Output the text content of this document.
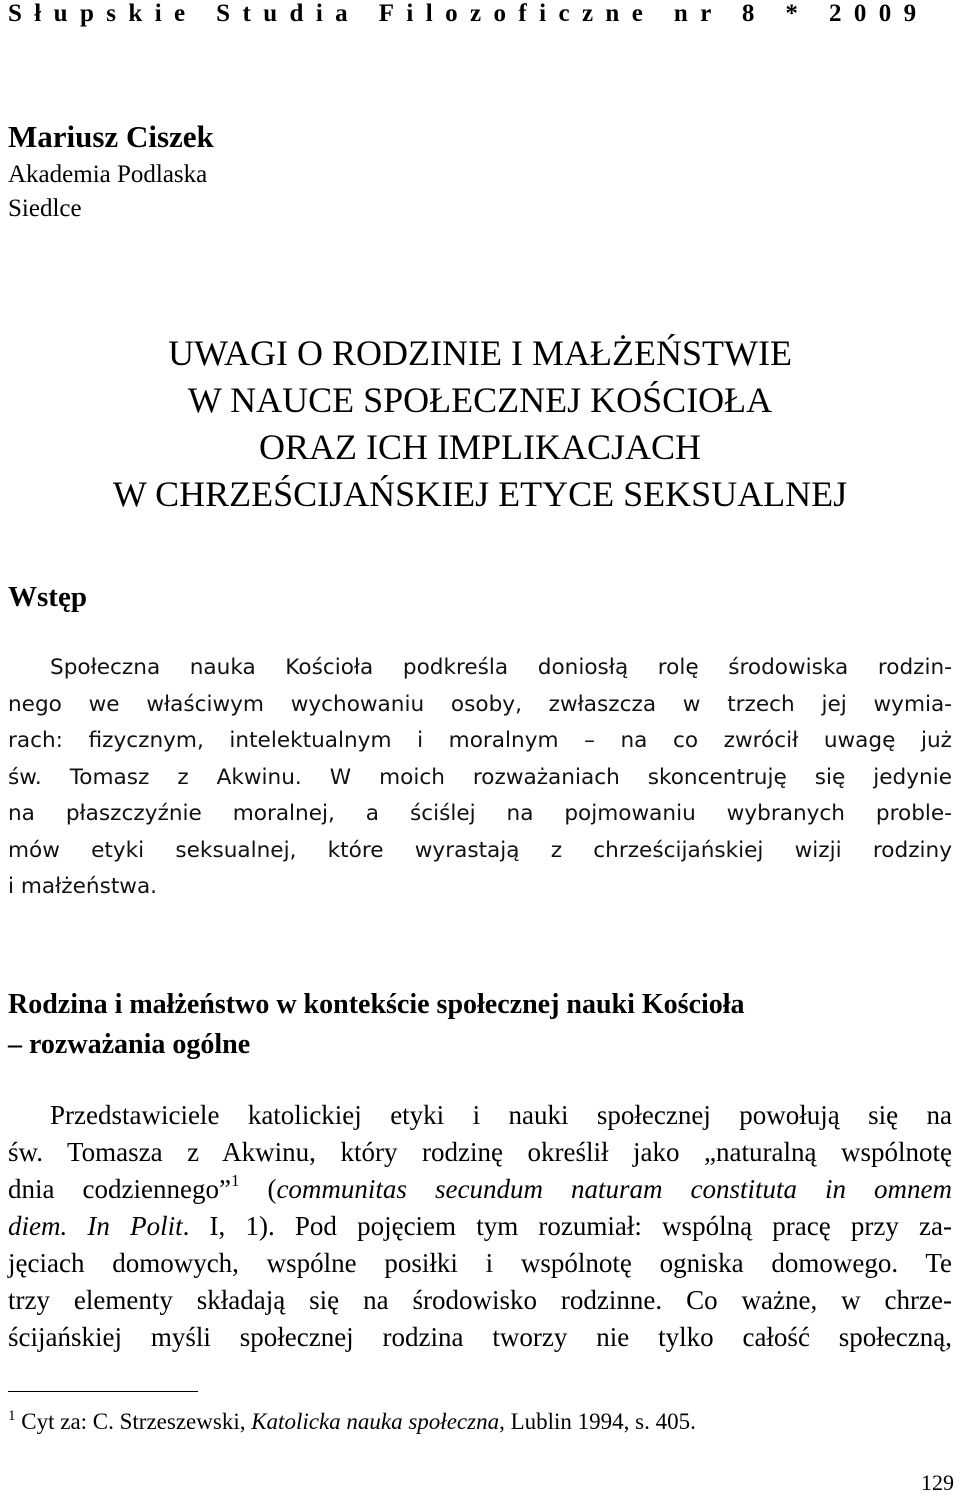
Słupskie Studia Filozoficzne nr 8 * 2009
Mariusz Ciszek
Akademia Podlaska
Siedlce
UWAGI O RODZINIE I MAŁŻEŃSTWIE
W NAUCE SPOŁECZNEJ KOŚCIOŁA
ORAZ ICH IMPLIKACJACH
W CHRZEŚCIJAŃSKIEJ ETYCE SEKSUALNEJ
Wstęp
Społeczna nauka Kościoła podkreśla doniosłą rolę środowiska rodzin-
nego we właściwym wychowaniu osoby, zwłaszcza w trzech jej wymia-
rach: fizycznym, intelektualnym i moralnym – na co zwrócił uwagę już
św. Tomasz z Akwinu. W moich rozważaniach skoncentruję się jedynie
na płaszczyźnie moralnej, a ściślej na pojmowaniu wybranych proble-
mów etyki seksualnej, które wyrastają z chrześcijańskiej wizji rodziny
i małżeństwa.
Rodzina i małżeństwo w kontekście społecznej nauki Kościoła
– rozważania ogólne
Przedstawiciele katolickiej etyki i nauki społecznej powołują się na
św. Tomasza z Akwinu, który rodzinę określił jako „naturalną wspólnotę
dnia codziennego”$^1$ (communitas secundum naturam constituta in omnem
diem. In Polit. I, 1). Pod pojęciem tym rozumiał: wspólną pracę przy za-
jęciach domowych, wspólne posiłki i wspólnotę ogniska domowego. Te
trzy elementy składają się na środowisko rodzinne. Co ważne, w chrze-
ścijańskiej myśli społecznej rodzina tworzy nie tylko całość społeczną,
$^1$ Cyt za: C. Strzeszewski, Katolicka nauka społeczna, Lublin 1994, s. 405.
129
